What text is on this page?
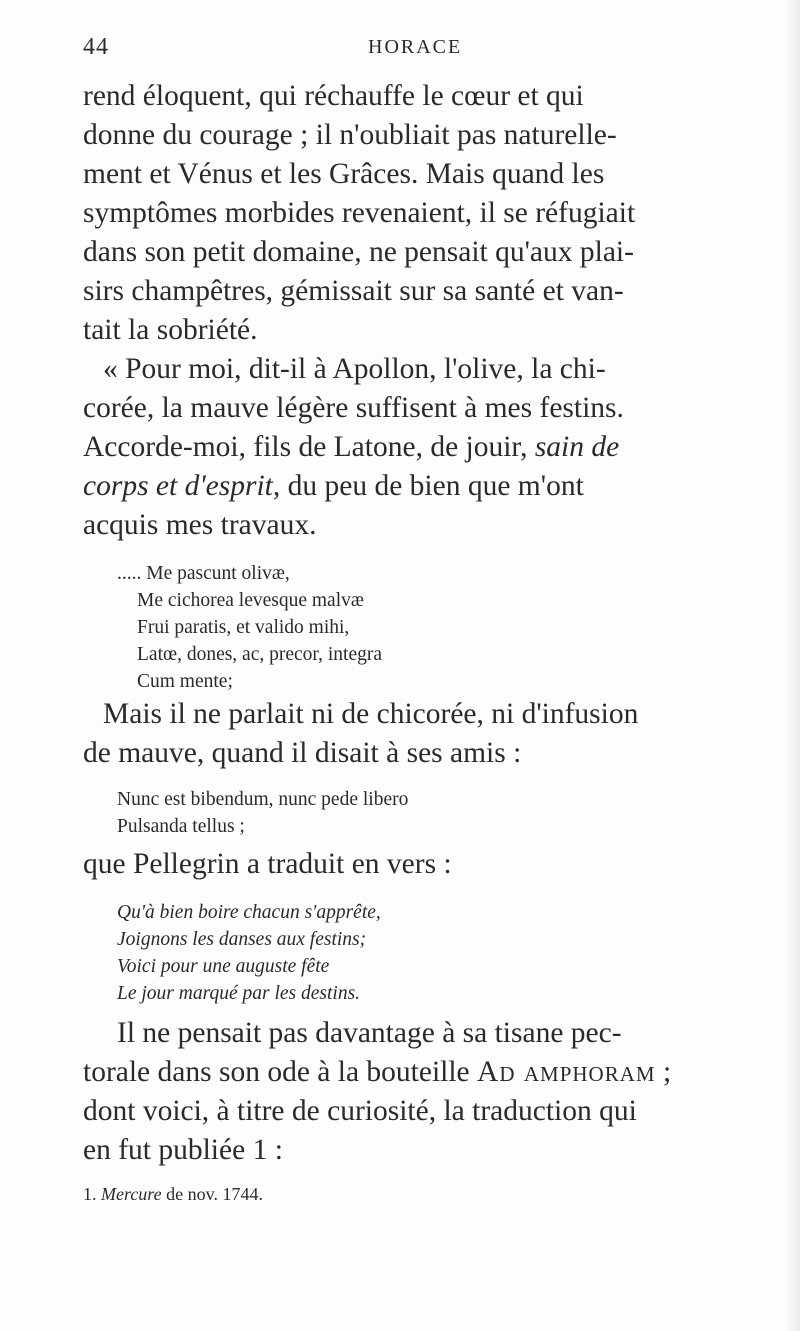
44	HORACE
rend éloquent, qui réchauffe le cœur et qui
donne du courage ; il n'oubliait pas naturelle-
ment et Vénus et les Grâces. Mais quand les
symptômes morbides revenaient, il se réfugiait
dans son petit domaine, ne pensait qu'aux plai-
sirs champêtres, gémissait sur sa santé et van-
tait la sobriété.
« Pour moi, dit-il à Apollon, l'olive, la chi-
corée, la mauve légère suffisent à mes festins.
Accorde-moi, fils de Latone, de jouir, sain de
corps et d'esprit, du peu de bien que m'ont
acquis mes travaux.
..... Me pascunt olivæ,
Me cichorea levesque malvæ
Frui paratis, et valido mihi,
Latœ, dones, ac, precor, integra
Cum mente;
Mais il ne parlait ni de chicorée, ni d'infusion
de mauve, quand il disait à ses amis :
Nunc est bibendum, nunc pede libero
Pulsanda tellus ;
que Pellegrin a traduit en vers :
Qu'à bien boire chacun s'apprête,
Joignons les danses aux festins;
Voici pour une auguste fête
Le jour marqué par les destins.
Il ne pensait pas davantage à sa tisane pec-
torale dans son ode à la bouteille Ad amphoram ;
dont voici, à titre de curiosité, la traduction qui
en fut publiée 1 :
1. Mercure de nov. 1744.
